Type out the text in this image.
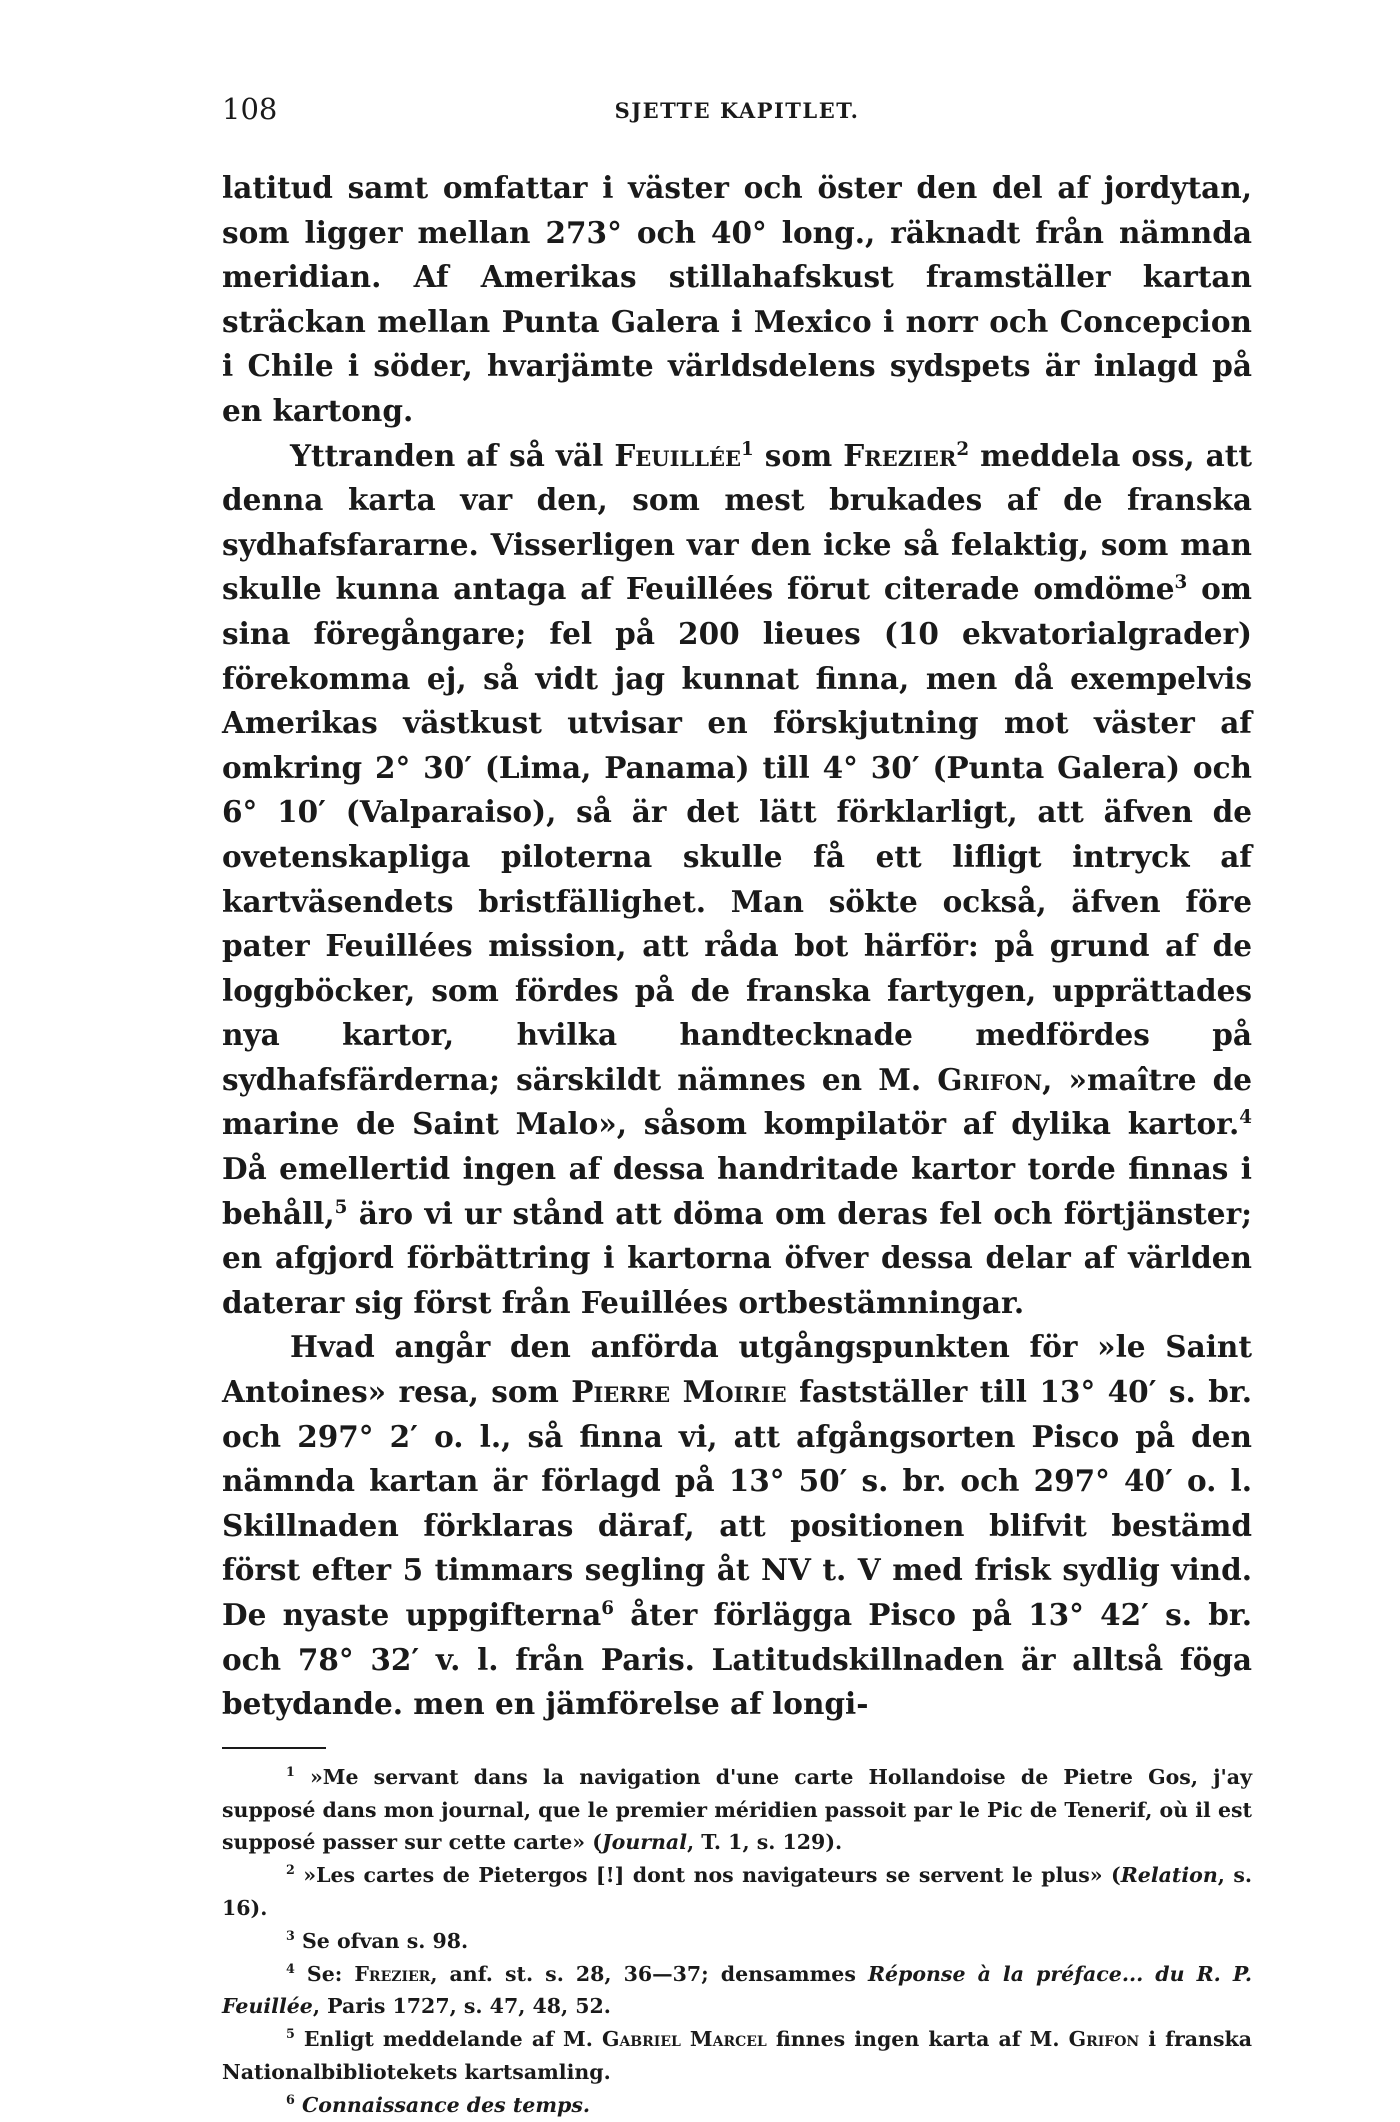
108	SJETTE KAPITLET.

latitud samt omfattar i väster och öster den del af jordytan, som ligger mellan 273° och 40° long., räknadt från nämnda meridian. Af Amerikas stillahafskust framställer kartan sträckan mellan Punta Galera i Mexico i norr och Concepcion i Chile i söder, hvarjämte världsdelens sydspets är inlagd på en kartong.

Yttranden af så väl Feuillée$^1$ som Frezier$^2$ meddela oss, att denna karta var den, som mest brukades af de franska sydhafsfararne. Visserligen var den icke så felaktig, som man skulle kunna antaga af Feuillées förut citerade omdöme$^3$ om sina föregångare; fel på 200 lieues (10 ekvatorialgrader) förekomma ej, så vidt jag kunnat finna, men då exempelvis Amerikas västkust utvisar en förskjutning mot väster af omkring 2° 30′ (Lima, Panama) till 4° 30′ (Punta Galera) och 6° 10′ (Valparaiso), så är det lätt förklarligt, att äfven de ovetenskapliga piloterna skulle få ett lifligt intryck af kartväsendets bristfällighet. Man sökte också, äfven före pater Feuillées mission, att råda bot härför: på grund af de loggböcker, som fördes på de franska fartygen, upprättades nya kartor, hvilka handtecknade medfördes på sydhafsfärderna; särskildt nämnes en M. Grifon, »maître de marine de Saint Malo», såsom kompilatör af dylika kartor.$^4$ Då emellertid ingen af dessa handritade kartor torde finnas i behåll,$^5$ äro vi ur stånd att döma om deras fel och förtjänster; en afgjord förbättring i kartorna öfver dessa delar af världen daterar sig först från Feuillées ortbestämningar.

Hvad angår den anförda utgångspunkten för »le Saint Antoines» resa, som Pierre Moirie fastställer till 13° 40′ s. br. och 297° 2′ o. l., så finna vi, att afgångsorten Pisco på den nämnda kartan är förlagd på 13° 50′ s. br. och 297° 40′ o. l. Skillnaden förklaras däraf, att positionen blifvit bestämd först efter 5 timmars segling åt NV t. V med frisk sydlig vind. De nyaste uppgifterna$^6$ åter förlägga Pisco på 13° 42′ s. br. och 78° 32′ v. l. från Paris. Latitudskillnaden är alltså föga betydande. men en jämförelse af longi-

$^1$ »Me servant dans la navigation d'une carte Hollandoise de Pietre Gos, j'ay supposé dans mon journal, que le premier méridien passoit par le Pic de Tenerif, où il est supposé passer sur cette carte» (Journal, T. 1, s. 129).

$^2$ »Les cartes de Pietergos [!] dont nos navigateurs se servent le plus» (Relation, s. 16).

$^3$ Se ofvan s. 98.

$^4$ Se: Frezier, anf. st. s. 28, 36—37; densammes Réponse à la préface... du R. P. Feuillée, Paris 1727, s. 47, 48, 52.

$^5$ Enligt meddelande af M. Gabriel Marcel finnes ingen karta af M. Grifon i franska Nationalbibliotekets kartsamling.

$^6$ Connaissance des temps.
